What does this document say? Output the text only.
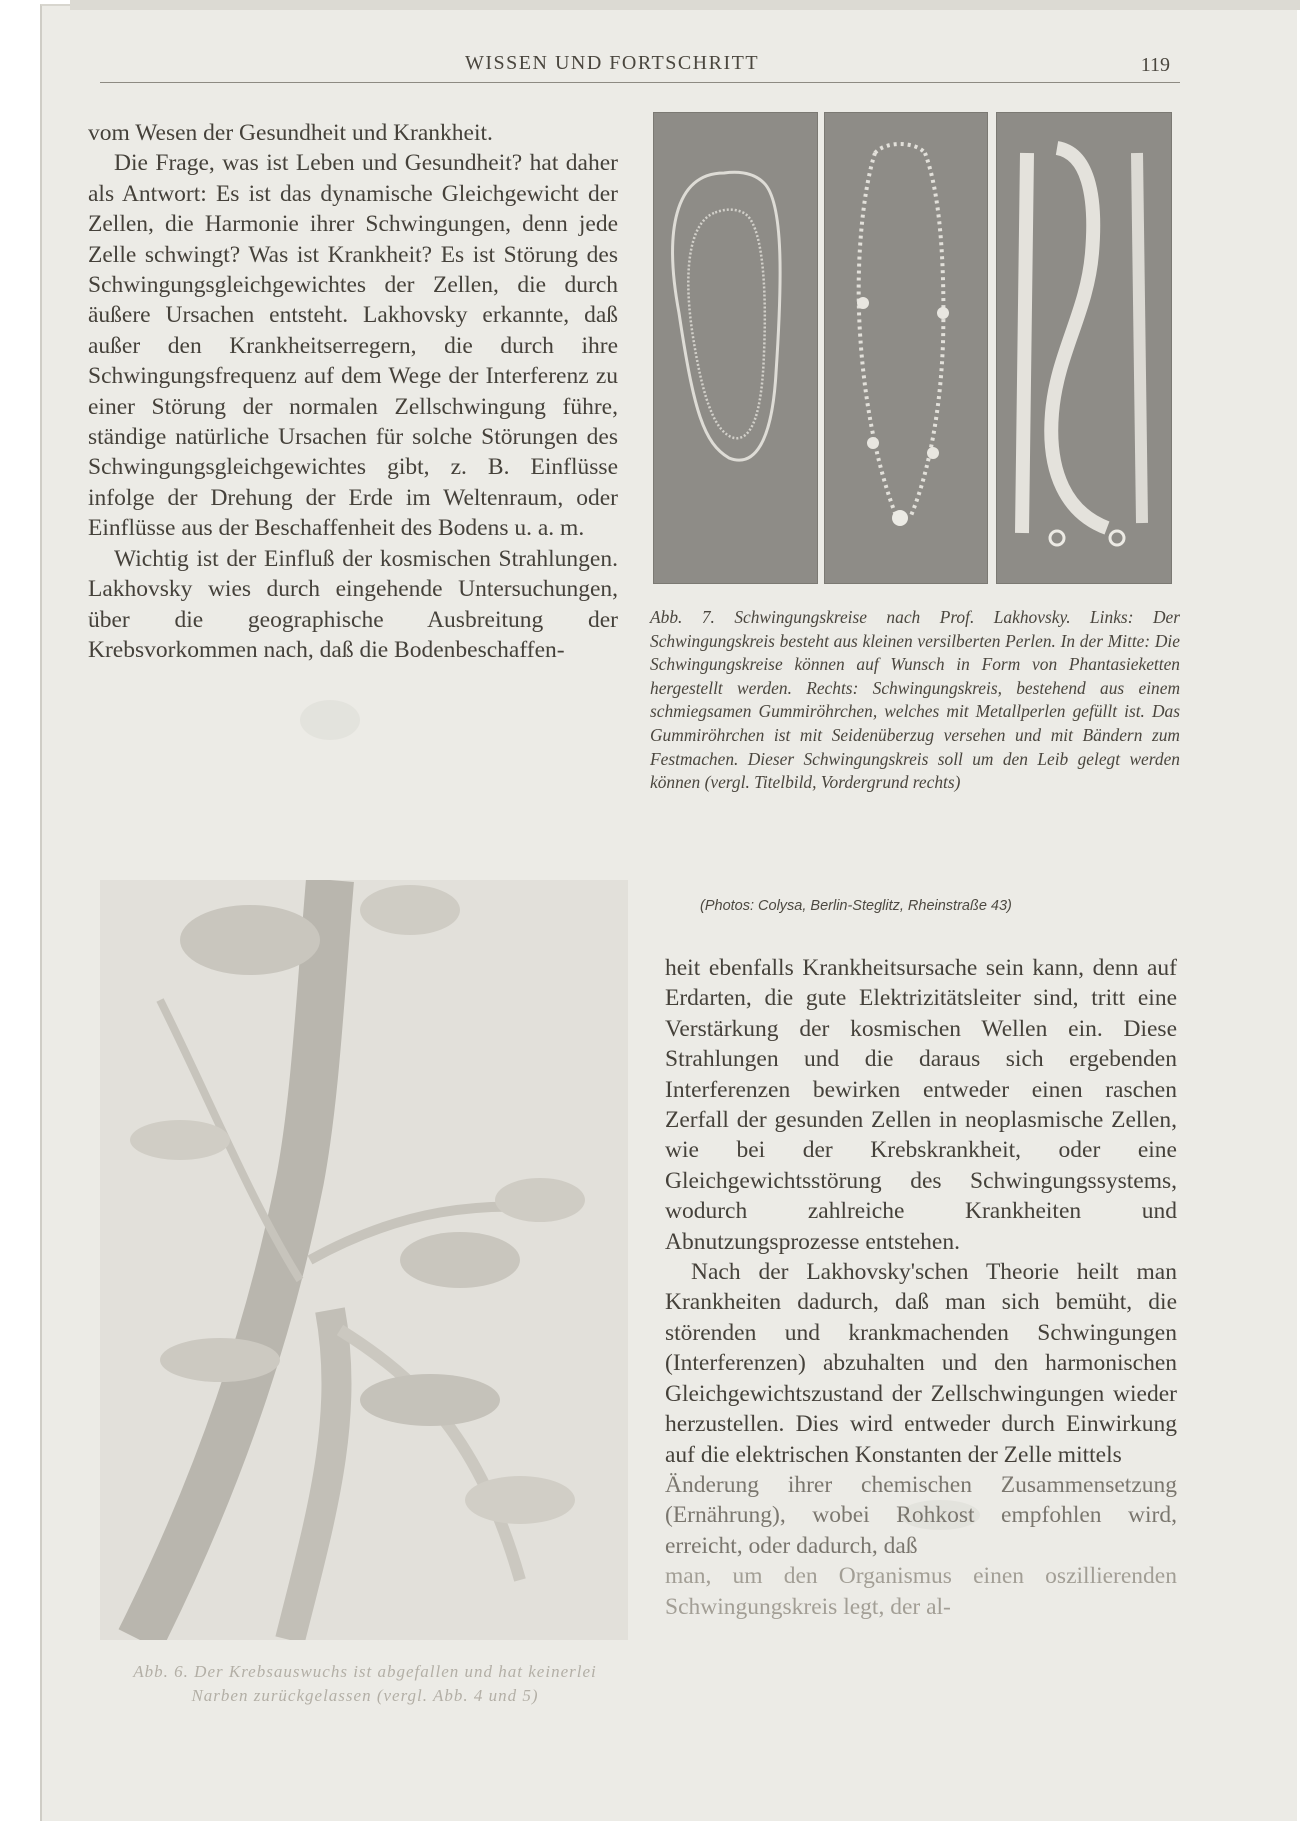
WISSEN UND FORTSCHRITT	119

vom Wesen der Gesundheit und Krankheit.

Die Frage, was ist Leben und Gesundheit? hat daher als Antwort: Es ist das dynamische Gleichgewicht der Zellen, die Harmonie ihrer Schwingungen, denn jede Zelle schwingt? Was ist Krankheit? Es ist Störung des Schwingungsgleichgewichtes der Zellen, die durch äußere Ursachen entsteht. Lakhovsky erkannte, daß außer den Krankheitserregern, die durch ihre Schwingungsfrequenz auf dem Wege der Interferenz zu einer Störung der normalen Zellschwingung führe, ständige natürliche Ursachen für solche Störungen des Schwingungsgleichgewichtes gibt, z. B. Einflüsse infolge der Drehung der Erde im Weltenraum, oder Einflüsse aus der Beschaffenheit des Bodens u. a. m.

Wichtig ist der Einfluß der kosmischen Strahlungen. Lakhovsky wies durch eingehende Untersuchungen, über die geographische Ausbreitung der Krebsvorkommen nach, daß die Bodenbeschaffen-

Abb. 7. Schwingungskreise nach Prof. Lakhovsky. Links: Der Schwingungskreis besteht aus kleinen versilberten Perlen. In der Mitte: Die Schwingungskreise können auf Wunsch in Form von Phantasieketten hergestellt werden. Rechts: Schwingungskreis, bestehend aus einem schmiegsamen Gummiröhrchen, welches mit Metallperlen gefüllt ist. Das Gummiröhrchen ist mit Seidenüberzug versehen und mit Bändern zum Festmachen. Dieser Schwingungskreis soll um den Leib gelegt werden können (vergl. Titelbild, Vordergrund rechts)
(Photos: Colysa, Berlin-Steglitz, Rheinstraße 43)
Abb. 6. Der Krebsauswuchs ist abgefallen und hat keinerlei Narben zurückgelassen (vergl. Abb. 4 und 5)

heit ebenfalls Krankheitsursache sein kann, denn auf Erdarten, die gute Elektrizitätsleiter sind, tritt eine Verstärkung der kosmischen Wellen ein. Diese Strahlungen und die daraus sich ergebenden Interferenzen bewirken entweder einen raschen Zerfall der gesunden Zellen in neoplasmische Zellen, wie bei der Krebskrankheit, oder eine Gleichgewichtsstörung des Schwingungssystems, wodurch zahlreiche Krankheiten und Abnutzungsprozesse entstehen.

Nach der Lakhovsky'schen Theorie heilt man Krankheiten dadurch, daß man sich bemüht, die störenden und krankmachenden Schwingungen (Interferenzen) abzuhalten und den harmonischen Gleichgewichtszustand der Zellschwingungen wieder herzustellen. Dies wird entweder durch Einwirkung auf die elektrischen Konstanten der Zelle mittels

Änderung ihrer chemischen Zusammensetzung (Ernährung), wobei Rohkost empfohlen wird, erreicht, oder dadurch, daß

man, um den Organismus einen oszillierenden Schwingungskreis legt, der al-
